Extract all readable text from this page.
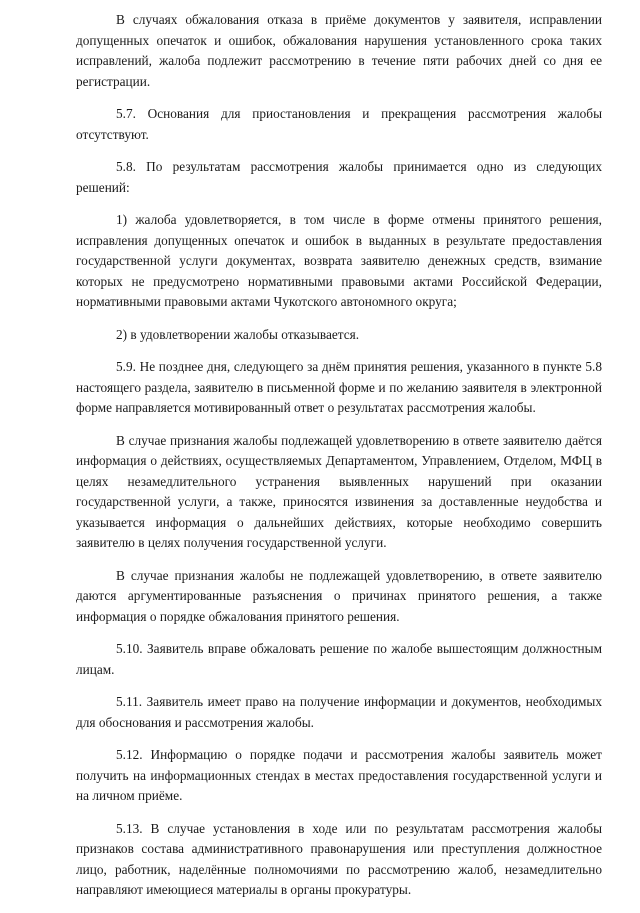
В случаях обжалования отказа в приёме документов у заявителя, исправлении допущенных опечаток и ошибок, обжалования нарушения установленного срока таких исправлений, жалоба подлежит рассмотрению в течение пяти рабочих дней со дня ее регистрации.

5.7. Основания для приостановления и прекращения рассмотрения жалобы отсутствуют.

5.8. По результатам рассмотрения жалобы принимается одно из следующих решений:

1) жалоба удовлетворяется, в том числе в форме отмены принятого решения, исправления допущенных опечаток и ошибок в выданных в результате предоставления государственной услуги документах, возврата заявителю денежных средств, взимание которых не предусмотрено нормативными правовыми актами Российской Федерации, нормативными правовыми актами Чукотского автономного округа;

2) в удовлетворении жалобы отказывается.

5.9. Не позднее дня, следующего за днём принятия решения, указанного в пункте 5.8 настоящего раздела, заявителю в письменной форме и по желанию заявителя в электронной форме направляется мотивированный ответ о результатах рассмотрения жалобы.

В случае признания жалобы подлежащей удовлетворению в ответе заявителю даётся информация о действиях, осуществляемых Департаментом, Управлением, Отделом, МФЦ в целях незамедлительного устранения выявленных нарушений при оказании государственной услуги, а также, приносятся извинения за доставленные неудобства и указывается информация о дальнейших действиях, которые необходимо совершить заявителю в целях получения государственной услуги.

В случае признания жалобы не подлежащей удовлетворению, в ответе заявителю даются аргументированные разъяснения о причинах принятого решения, а также информация о порядке обжалования принятого решения.

5.10. Заявитель вправе обжаловать решение по жалобе вышестоящим должностным лицам.

5.11. Заявитель имеет право на получение информации и документов, необходимых для обоснования и рассмотрения жалобы.

5.12. Информацию о порядке подачи и рассмотрения жалобы заявитель может получить на информационных стендах в местах предоставления государственной услуги и на личном приёме.

5.13. В случае установления в ходе или по результатам рассмотрения жалобы признаков состава административного правонарушения или преступления должностное лицо, работник, наделённые полномочиями по рассмотрению жалоб, незамедлительно направляют имеющиеся материалы в органы прокуратуры.
